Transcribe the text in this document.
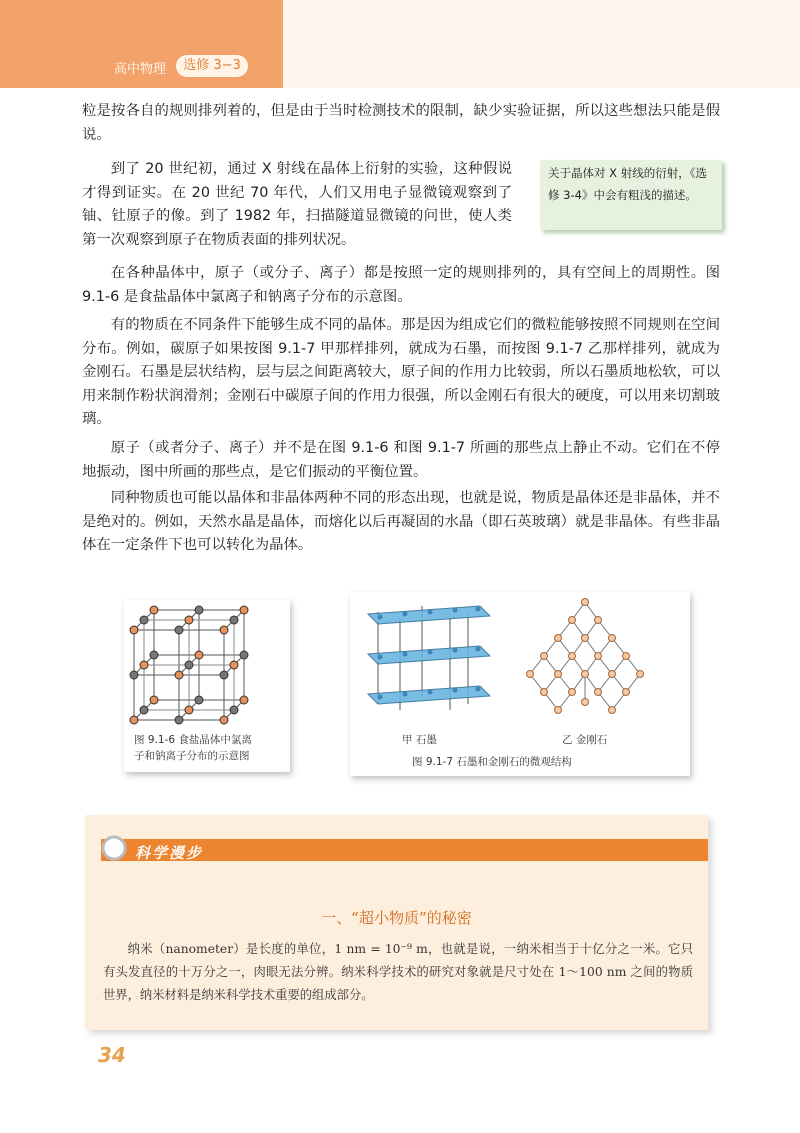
高中物理	选修 3−3

粒是按各自的规则排列着的，但是由于当时检测技术的限制，缺少实验证据，所以这些想法只能是假说。

到了 20 世纪初，通过 X 射线在晶体上衍射的实验，这种假说才得到证实。在 20 世纪 70 年代，人们又用电子显微镜观察到了铀、钍原子的像。到了 1982 年，扫描隧道显微镜的问世，使人类第一次观察到原子在物质表面的排列状况。

关于晶体对 X 射线的衍射，《选修 3-4》中会有粗浅的描述。

在各种晶体中，原子（或分子、离子）都是按照一定的规则排列的，具有空间上的周期性。图 9.1-6 是食盐晶体中氯离子和钠离子分布的示意图。

有的物质在不同条件下能够生成不同的晶体。那是因为组成它们的微粒能够按照不同规则在空间分布。例如，碳原子如果按图 9.1-7 甲那样排列，就成为石墨，而按图 9.1-7 乙那样排列，就成为金刚石。石墨是层状结构，层与层之间距离较大，原子间的作用力比较弱，所以石墨质地松软，可以用来制作粉状润滑剂；金刚石中碳原子间的作用力很强，所以金刚石有很大的硬度，可以用来切割玻璃。

原子（或者分子、离子）并不是在图 9.1-6 和图 9.1-7 所画的那些点上静止不动。它们在不停地振动，图中所画的那些点，是它们振动的平衡位置。

同种物质也可能以晶体和非晶体两种不同的形态出现，也就是说，物质是晶体还是非晶体，并不是绝对的。例如，天然水晶是晶体，而熔化以后再凝固的水晶（即石英玻璃）就是非晶体。有些非晶体在一定条件下也可以转化为晶体。

图 9.1-6 食盐晶体中氯离
子和钠离子分布的示意图
甲 石墨	乙 金刚石
图 9.1-7 石墨和金刚石的微观结构
科学漫步
一、“超小物质”的秘密

纳米（nanometer）是长度的单位，1 nm = 10⁻⁹ m，也就是说，一纳米相当于十亿分之一米。它只有头发直径的十万分之一，肉眼无法分辨。纳米科学技术的研究对象就是尺寸处在 1～100 nm 之间的物质世界，纳米材料是纳米科学技术重要的组成部分。

34
